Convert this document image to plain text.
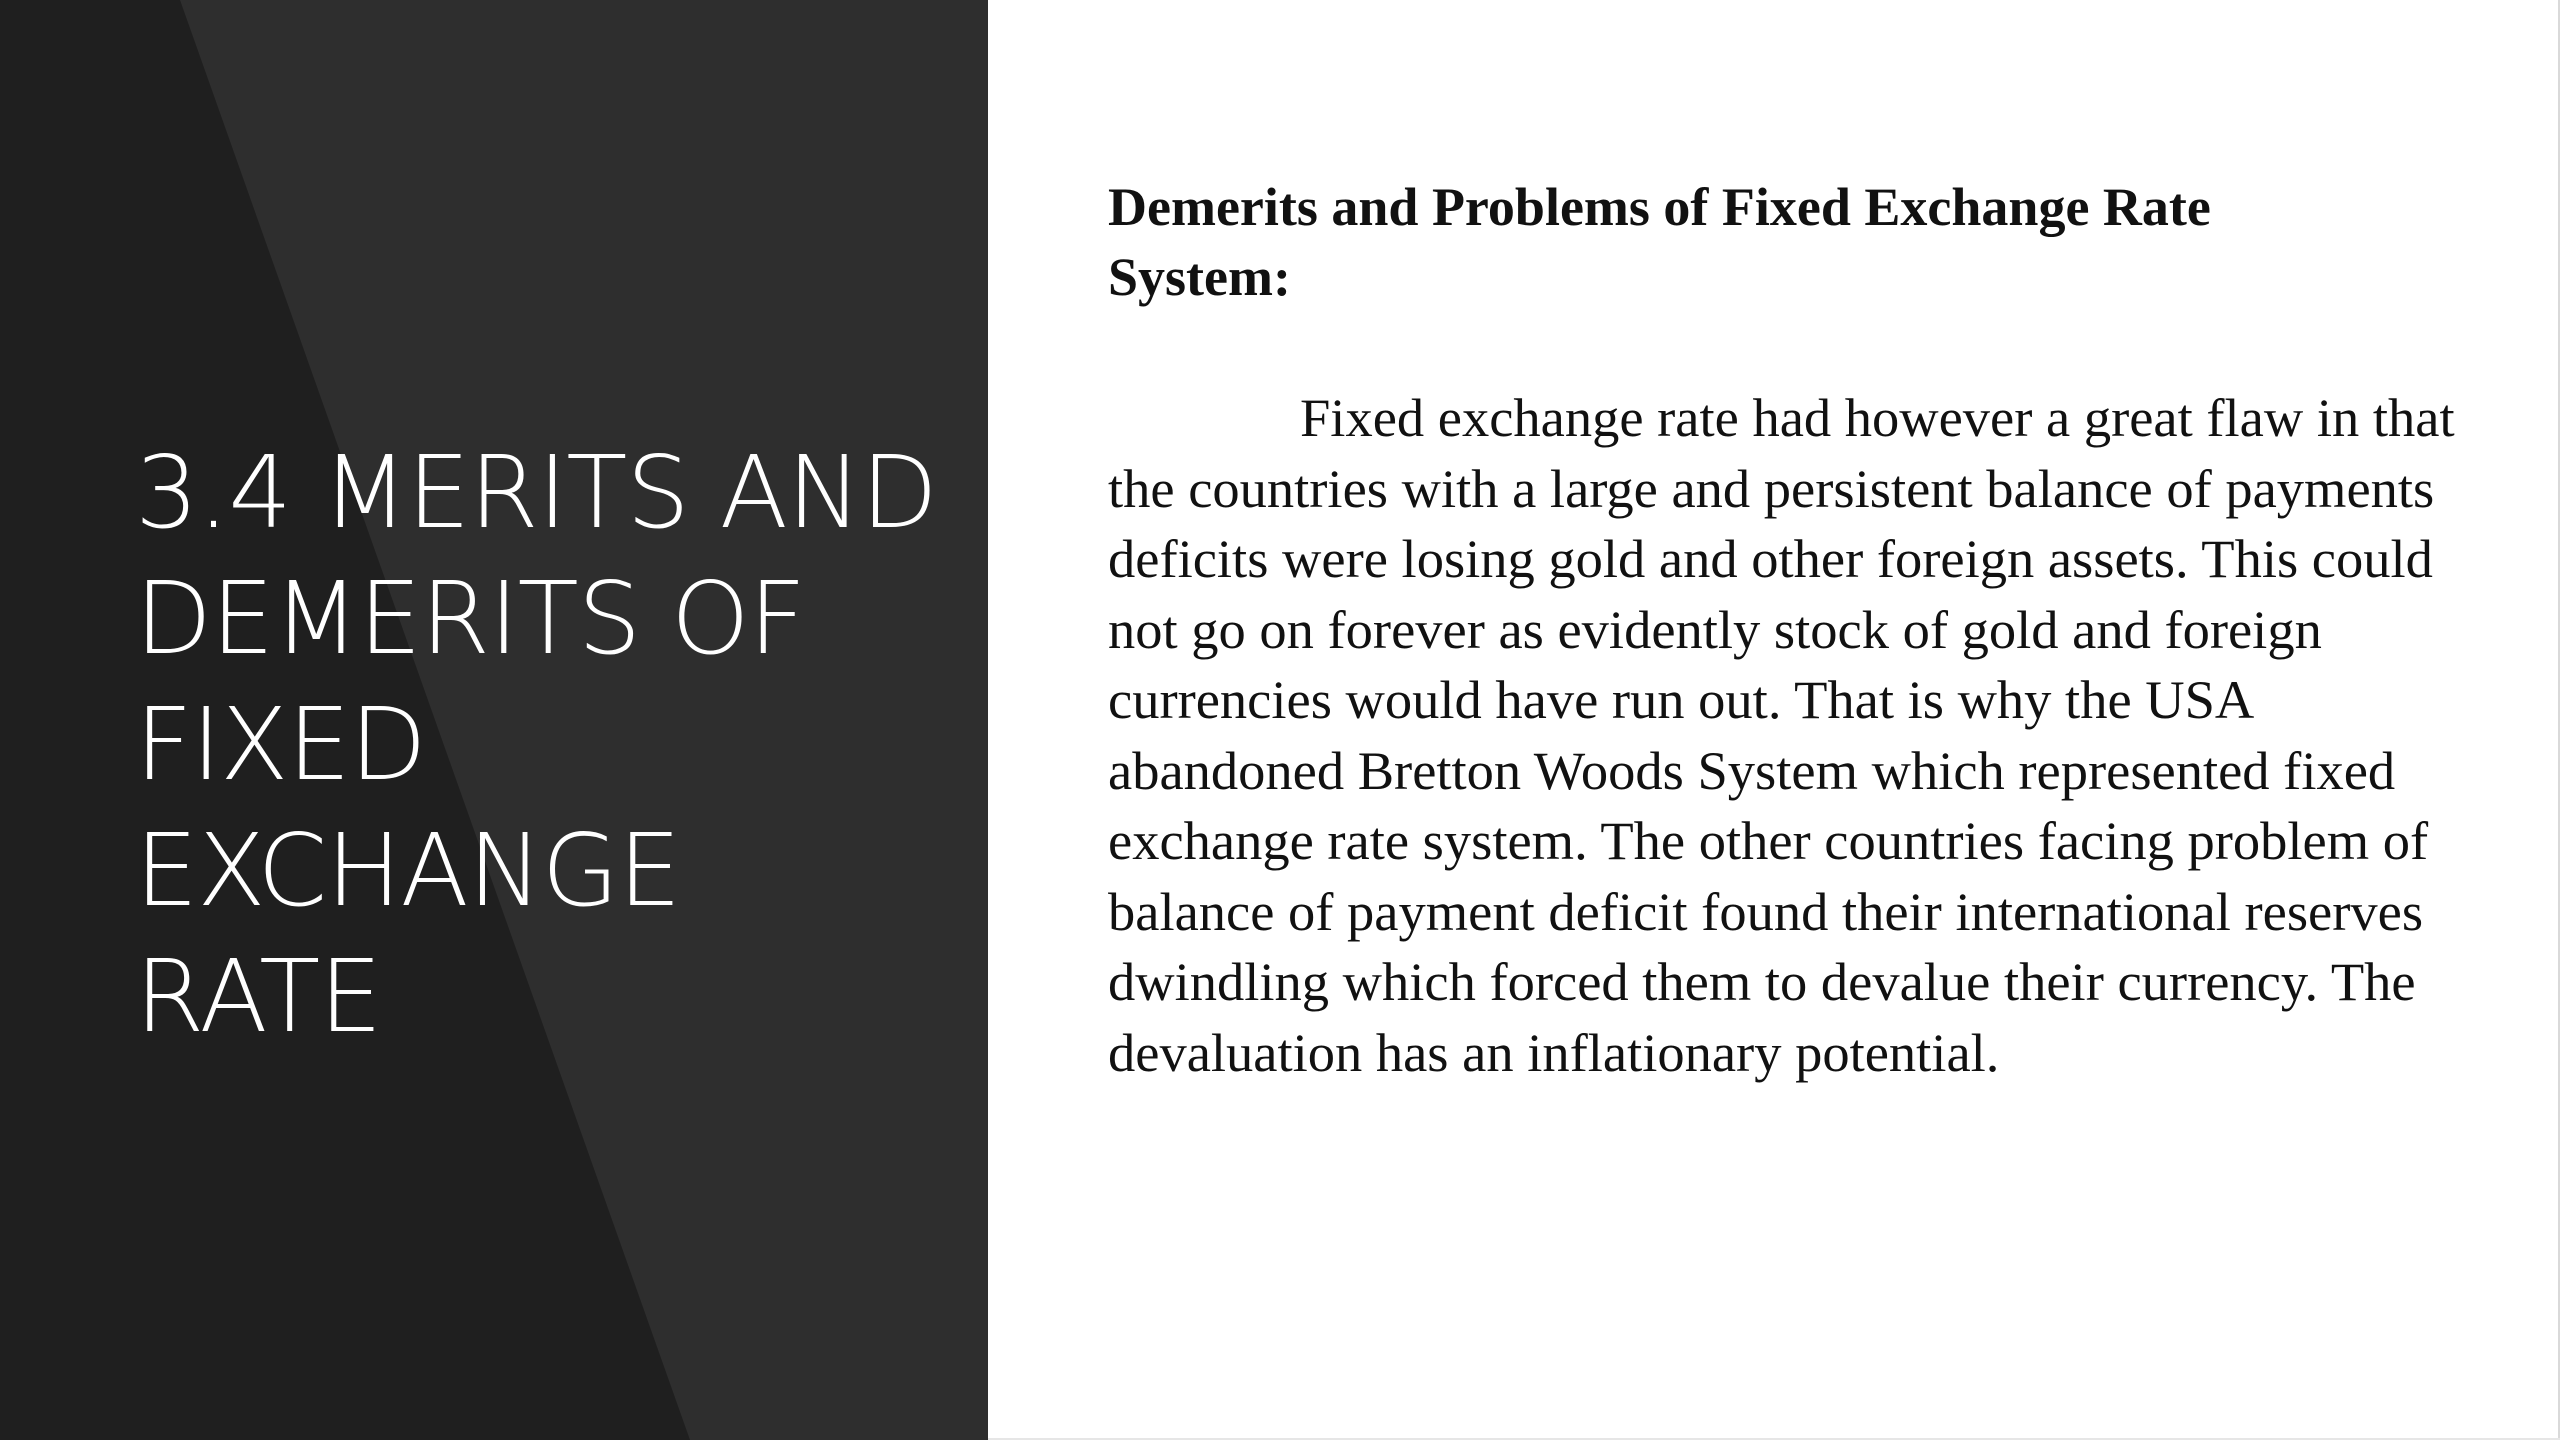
3.4 MERITS AND DEMERITS OF FIXED EXCHANGE RATE

Demerits and Problems of Fixed Exchange Rate System:

Fixed exchange rate had however a great flaw in that the countries with a large and persistent balance of payments deficits were losing gold and other foreign assets. This could not go on forever as evidently stock of gold and foreign currencies would have run out. That is why the USA abandoned Bretton Woods System which represented fixed exchange rate system. The other countries facing problem of balance of payment deficit found their international reserves dwindling which forced them to devalue their currency. The devaluation has an inflationary potential.
